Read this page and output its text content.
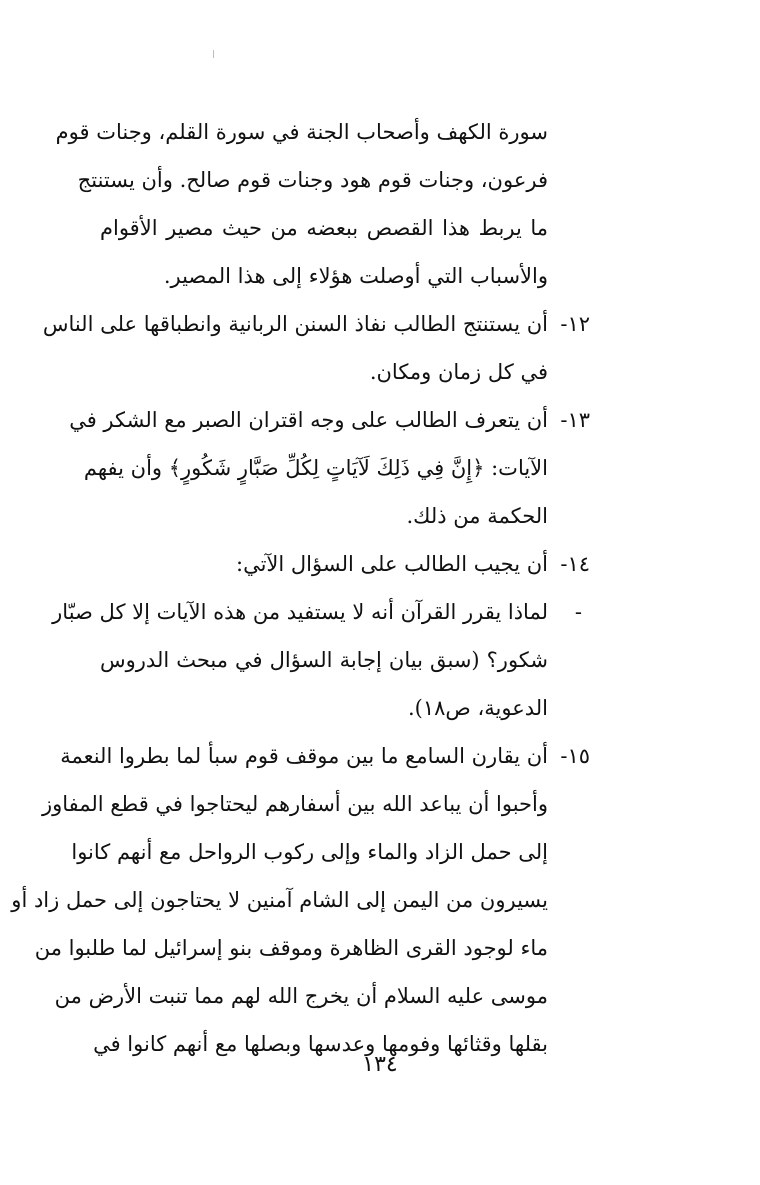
سورة الكهف وأصحاب الجنة في سورة القلم، وجنات قوم
فرعون، وجنات قوم هود وجنات قوم صالح. وأن يستنتج
ما يربط هذا القصص ببعضه من حيث مصير الأقوام
والأسباب التي أوصلت هؤلاء إلى هذا المصير.
١٢-أن يستنتج الطالب نفاذ السنن الربانية وانطباقها على الناس
في كل زمان ومكان.
١٣-أن يتعرف الطالب على وجه اقتران الصبر مع الشكر في
الآيات: ﴿إِنَّ فِي ذَلِكَ لَآيَاتٍ لِكُلِّ صَبَّارٍ شَكُورٍ﴾ وأن يفهم
الحكمة من ذلك.
١٤-أن يجيب الطالب على السؤال الآتي:
-
لماذا يقرر القرآن أنه لا يستفيد من هذه الآيات إلا كل صبّار
شكور؟ (سبق بيان إجابة السؤال في مبحث الدروس
الدعوية، ص١٨).
١٥-أن يقارن السامع ما بين موقف قوم سبأ لما بطروا النعمة
وأحبوا أن يباعد الله بين أسفارهم ليحتاجوا في قطع المفاوز
إلى حمل الزاد والماء وإلى ركوب الرواحل مع أنهم كانوا
يسيرون من اليمن إلى الشام آمنين لا يحتاجون إلى حمل زاد أو
ماء لوجود القرى الظاهرة وموقف بنو إسرائيل لما طلبوا من
موسى عليه السلام أن يخرج الله لهم مما تنبت الأرض من
بقلها وقثائها وفومها وعدسها وبصلها مع أنهم كانوا في
١٣٤
